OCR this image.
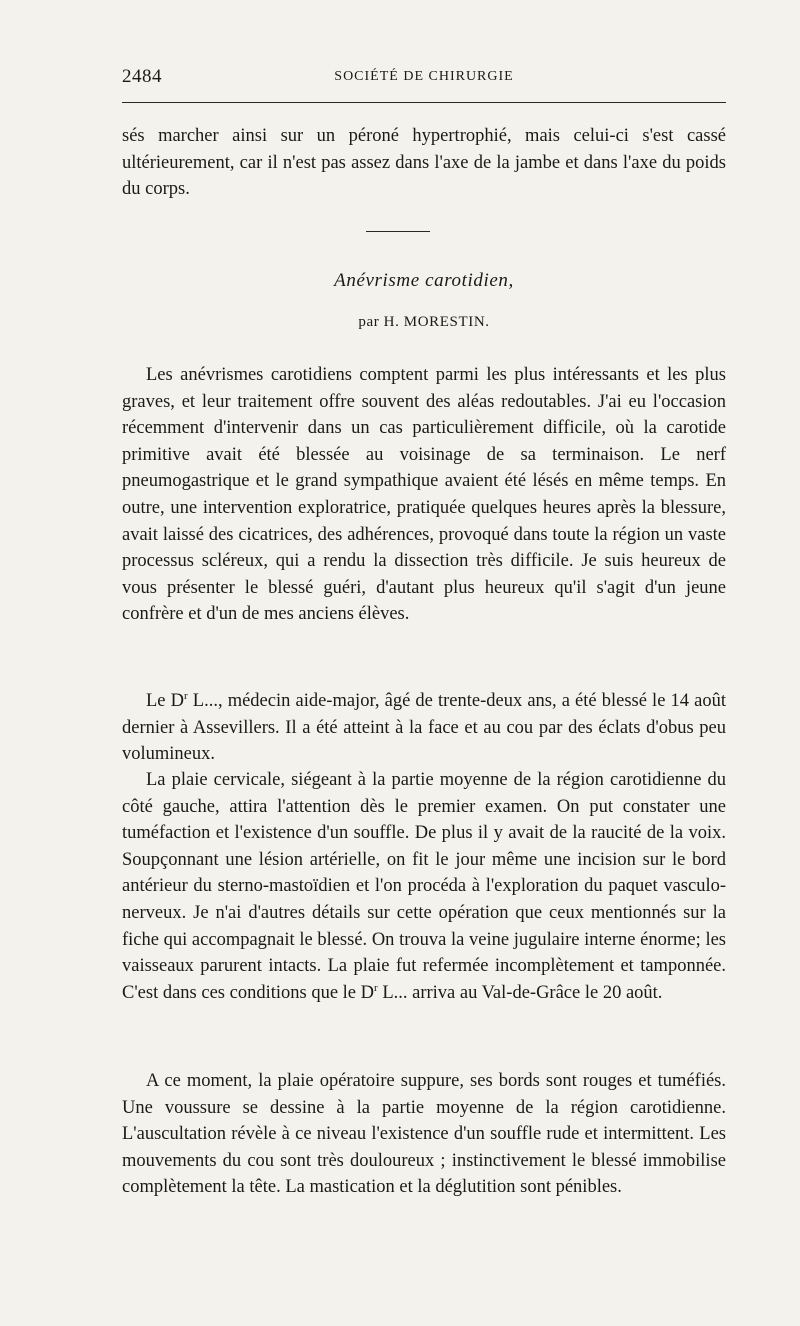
2484	SOCIÉTÉ DE CHIRURGIE

sés marcher ainsi sur un péroné hypertrophié, mais celui-ci s'est cassé ultérieurement, car il n'est pas assez dans l'axe de la jambe et dans l'axe du poids du corps.

Anévrisme carotidien,
par H. MORESTIN.

Les anévrismes carotidiens comptent parmi les plus intéressants et les plus graves, et leur traitement offre souvent des aléas redoutables. J'ai eu l'occasion récemment d'intervenir dans un cas particulièrement difficile, où la carotide primitive avait été blessée au voisinage de sa terminaison. Le nerf pneumogastrique et le grand sympathique avaient été lésés en même temps. En outre, une intervention exploratrice, pratiquée quelques heures après la blessure, avait laissé des cicatrices, des adhérences, provoqué dans toute la région un vaste processus scléreux, qui a rendu la dissection très difficile. Je suis heureux de vous présenter le blessé guéri, d'autant plus heureux qu'il s'agit d'un jeune confrère et d'un de mes anciens élèves.

Le $D^r$ L..., médecin aide-major, âgé de trente-deux ans, a été blessé le 14 août dernier à Assevillers. Il a été atteint à la face et au cou par des éclats d'obus peu volumineux.

La plaie cervicale, siégeant à la partie moyenne de la région carotidienne du côté gauche, attira l'attention dès le premier examen. On put constater une tuméfaction et l'existence d'un souffle. De plus il y avait de la raucité de la voix. Soupçonnant une lésion artérielle, on fit le jour même une incision sur le bord antérieur du sterno-mastoïdien et l'on procéda à l'exploration du paquet vasculo-nerveux. Je n'ai d'autres détails sur cette opération que ceux mentionnés sur la fiche qui accompagnait le blessé. On trouva la veine jugulaire interne énorme; les vaisseaux parurent intacts. La plaie fut refermée incomplètement et tamponnée. C'est dans ces conditions que le $D^r$ L... arriva au Val-de-Grâce le 20 août.

A ce moment, la plaie opératoire suppure, ses bords sont rouges et tuméfiés. Une voussure se dessine à la partie moyenne de la région carotidienne. L'auscultation révèle à ce niveau l'existence d'un souffle rude et intermittent. Les mouvements du cou sont très douloureux ; instinctivement le blessé immobilise complètement la tête. La mastication et la déglutition sont pénibles.
